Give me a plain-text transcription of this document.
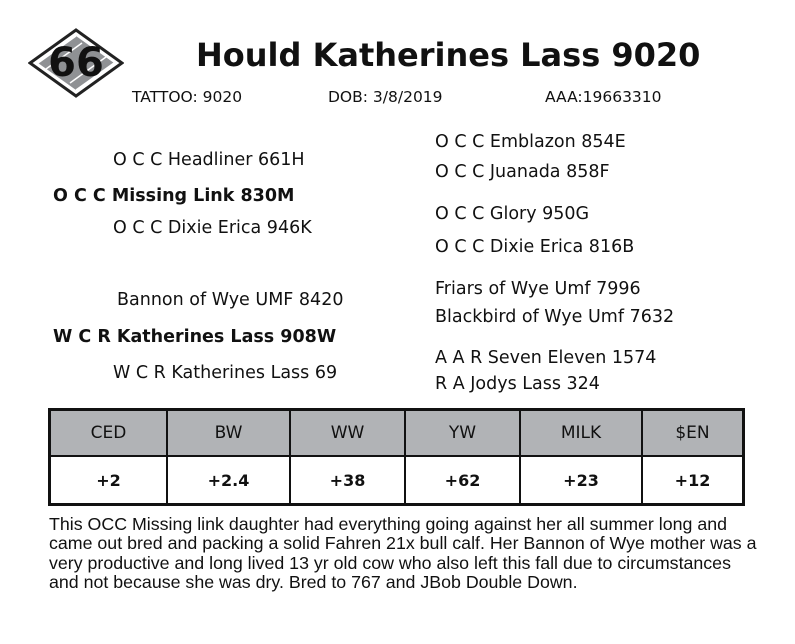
66	Hould Katherines Lass 9020
TATTOO: 9020	DOB: 3/8/2019	AAA:19663310
O C C Headliner 661H
O C C Missing Link 830M
O C C Dixie Erica 946K
O C C Emblazon 854E
O C C Juanada 858F
O C C Glory 950G
O C C Dixie Erica 816B
Bannon of Wye UMF 8420
W C R Katherines Lass 908W
W C R Katherines Lass 69
Friars of Wye Umf 7996
Blackbird of Wye Umf 7632
A A R Seven Eleven 1574
R A Jodys Lass 324
CED	BW	WW	YW	MILK	$EN
+2	+2.4	+38	+62	+23	+12
This OCC Missing link daughter had everything going against her all summer long and came out bred and packing a solid Fahren 21x bull calf. Her Bannon of Wye mother was a very productive and long lived 13 yr old cow who also left this fall due to circumstances and not because she was dry. Bred to 767 and JBob Double Down.
